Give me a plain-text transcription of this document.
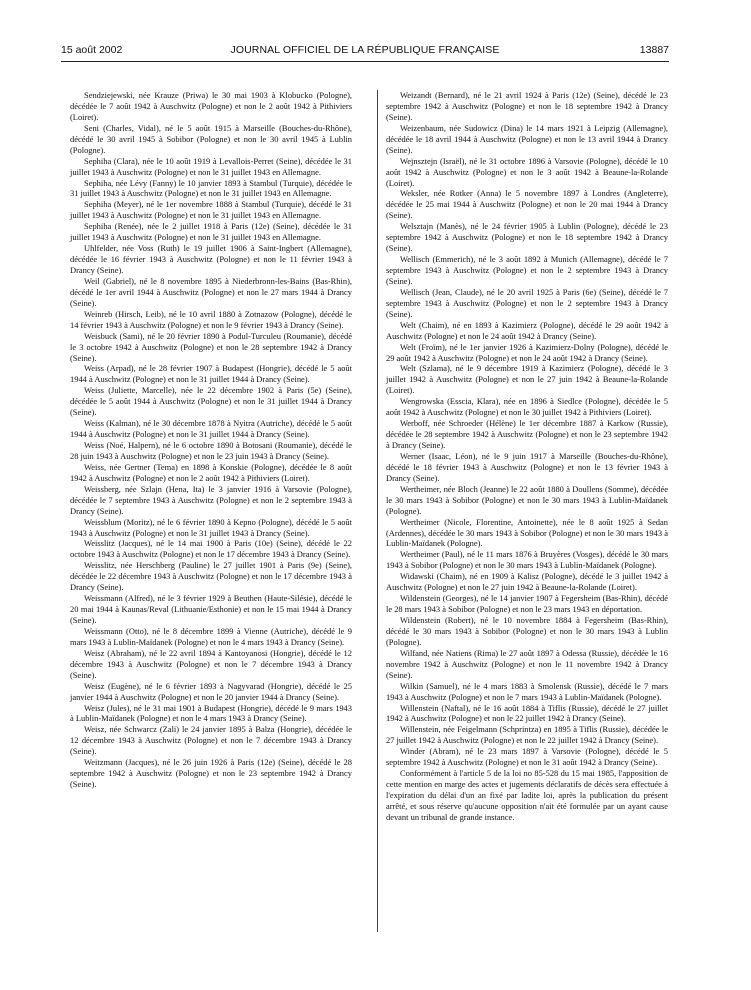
15 août 2002	JOURNAL OFFICIEL DE LA RÉPUBLIQUE FRANÇAISE	13887

Sendziejewski, née Krauze (Priwa) le 30 mai 1903 à Klobucko (Pologne), décédée le 7 août 1942 à Auschwitz (Pologne) et non le 2 août 1942 à Pithiviers (Loiret).

Seni (Charles, Vidal), né le 5 août 1915 à Marseille (Bouches-du-Rhône), décédé le 30 avril 1945 à Sobibor (Pologne) et non le 30 avril 1945 à Lublin (Pologne).

Sephiha (Clara), née le 10 août 1919 à Levallois-Perret (Seine), décédée le 31 juillet 1943 à Auschwitz (Pologne) et non le 31 juillet 1943 en Allemagne.

Sephiha, née Lévy (Fanny) le 10 janvier 1893 à Stambul (Turquie), décédée le 31 juillet 1943 à Auschwitz (Pologne) et non le 31 juillet 1943 en Allemagne.

Sephiha (Meyer), né le 1er novembre 1888 à Stambul (Turquie), décédé le 31 juillet 1943 à Auschwitz (Pologne) et non le 31 juillet 1943 en Allemagne.

Sephiha (Renée), née le 2 juillet 1918 à Paris (12e) (Seine), décédée le 31 juillet 1943 à Auschwitz (Pologne) et non le 31 juillet 1943 en Allemagne.

Uhlfelder, née Voss (Ruth) le 19 juillet 1906 à Saint-Ingbert (Allemagne), décédée le 16 février 1943 à Auschwitz (Pologne) et non le 11 février 1943 à Drancy (Seine).

Weil (Gabriel), né le 8 novembre 1895 à Niederbronn-les-Bains (Bas-Rhin), décédé le 1er avril 1944 à Auschwitz (Pologne) et non le 27 mars 1944 à Drancy (Seine).

Weinreb (Hirsch, Leib), né le 10 avril 1880 à Zotnazow (Pologne), décédé le 14 février 1943 à Auschwitz (Pologne) et non le 9 février 1943 à Drancy (Seine).

Weisbuck (Sami), né le 20 février 1890 à Podul-Turculeu (Roumanie), décédé le 3 octobre 1942 à Auschwitz (Pologne) et non le 28 septembre 1942 à Drancy (Seine).

Weiss (Arpad), né le 28 février 1907 à Budapest (Hongrie), décédé le 5 août 1944 à Auschwitz (Pologne) et non le 31 juillet 1944 à Drancy (Seine).

Weiss (Juliette, Marcelle), née le 22 décembre 1902 à Paris (5e) (Seine), décédée le 5 août 1944 à Auschwitz (Pologne) et non le 31 juillet 1944 à Drancy (Seine).

Weiss (Kalman), né le 30 décembre 1878 à Nyitra (Autriche), décédé le 5 août 1944 à Auschwitz (Pologne) et non le 31 juillet 1944 à Drancy (Seine).

Weiss (Noé, Halpern), né le 6 octobre 1890 à Botosani (Roumanie), décédé le 28 juin 1943 à Auschwitz (Pologne) et non le 23 juin 1943 à Drancy (Seine).

Weiss, née Gertner (Tema) en 1898 à Konskie (Pologne), décédée le 8 août 1942 à Auschwitz (Pologne) et non le 2 août 1942 à Pithiviers (Loiret).

Weissberg, née Szlajn (Hena, Ita) le 3 janvier 1916 à Varsovie (Pologne), décédée le 7 septembre 1943 à Auschwitz (Pologne) et non le 2 septembre 1943 à Drancy (Seine).

Weissblum (Moritz), né le 6 février 1890 à Kepno (Pologne), décédé le 5 août 1943 à Auschwitz (Pologne) et non le 31 juillet 1943 à Drancy (Seine).

Weisslitz (Jacques), né le 14 mai 1900 à Paris (10e) (Seine), décédé le 22 octobre 1943 à Auschwitz (Pologne) et non le 17 décembre 1943 à Drancy (Seine).

Weisslitz, née Herschberg (Pauline) le 27 juillet 1901 à Paris (9e) (Seine), décédée le 22 décembre 1943 à Auschwitz (Pologne) et non le 17 décembre 1943 à Drancy (Seine).

Weissmann (Alfred), né le 3 février 1929 à Beuthen (Haute-Silésie), décédé le 20 mai 1944 à Kaunas/Reval (Lithuanie/Esthonie) et non le 15 mai 1944 à Drancy (Seine).

Weissmann (Otto), né le 8 décembre 1899 à Vienne (Autriche), décédé le 9 mars 1943 à Lublin-Maïdanek (Pologne) et non le 4 mars 1943 à Drancy (Seine).

Weisz (Abraham), né le 22 avril 1894 à Kantoyanosi (Hongrie), décédé le 12 décembre 1943 à Auschwitz (Pologne) et non le 7 décembre 1943 à Drancy (Seine).

Weisz (Eugène), né le 6 février 1893 à Nagyvarad (Hongrie), décédé le 25 janvier 1944 à Auschwitz (Pologne) et non le 20 janvier 1944 à Drancy (Seine).

Weisz (Jules), né le 31 mai 1901 à Budapest (Hongrie), décédé le 9 mars 1943 à Lublin-Maïdanek (Pologne) et non le 4 mars 1943 à Drancy (Seine).

Weisz, née Schwarcz (Zali) le 24 janvier 1895 à Balza (Hongrie), décédée le 12 décembre 1943 à Auschwitz (Pologne) et non le 7 décembre 1943 à Drancy (Seine).

Weitzmann (Jacques), né le 26 juin 1926 à Paris (12e) (Seine), décédé le 28 septembre 1942 à Auschwitz (Pologne) et non le 23 septembre 1942 à Drancy (Seine).

Weizandt (Bernard), né le 21 avril 1924 à Paris (12e) (Seine), décédé le 23 septembre 1942 à Auschwitz (Pologne) et non le 18 septembre 1942 à Drancy (Seine).

Weizenbaum, née Sudowicz (Dina) le 14 mars 1921 à Leipzig (Allemagne), décédée le 18 avril 1944 à Auschwitz (Pologne) et non le 13 avril 1944 à Drancy (Seine).

Wejnsztejn (Israël), né le 31 octobre 1896 à Varsovie (Pologne), décédé le 10 août 1942 à Auschwitz (Pologne) et non le 3 août 1942 à Beaune-la-Rolande (Loiret).

Weksler, née Rotker (Anna) le 5 novembre 1897 à Londres (Angleterre), décédée le 25 mai 1944 à Auschwitz (Pologne) et non le 20 mai 1944 à Drancy (Seine).

Welsztajn (Manès), né le 24 février 1905 à Lublin (Pologne), décédé le 23 septembre 1942 à Auschwitz (Pologne) et non le 18 septembre 1942 à Drancy (Seine).

Wellisch (Emmerich), né le 3 août 1892 à Munich (Allemagne), décédé le 7 septembre 1943 à Auschwitz (Pologne) et non le 2 septembre 1943 à Drancy (Seine).

Wellisch (Jean, Claude), né le 20 avril 1925 à Paris (6e) (Seine), décédé le 7 septembre 1943 à Auschwitz (Pologne) et non le 2 septembre 1943 à Drancy (Seine).

Welt (Chaim), né en 1893 à Kazimierz (Pologne), décédé le 29 août 1942 à Auschwitz (Pologne) et non le 24 août 1942 à Drancy (Seine).

Welt (Froïm), né le 1er janvier 1926 à Kazimierz-Dolny (Pologne), décédé le 29 août 1942 à Auschwitz (Pologne) et non le 24 août 1942 à Drancy (Seine).

Welt (Szlama), né le 9 décembre 1919 à Kazimierz (Pologne), décédé le 3 juillet 1942 à Auschwitz (Pologne) et non le 27 juin 1942 à Beaune-la-Rolande (Loiret).

Wengrowska (Esscia, Klara), née en 1896 à Siedlce (Pologne), décédée le 5 août 1942 à Auschwitz (Pologne) et non le 30 juillet 1942 à Pithiviers (Loiret).

Werboff, née Schroeder (Hélène) le 1er décembre 1887 à Karkow (Russie), décédée le 28 septembre 1942 à Auschwitz (Pologne) et non le 23 septembre 1942 à Drancy (Seine).

Werner (Isaac, Léon), né le 9 juin 1917 à Marseille (Bouches-du-Rhône), décédé le 18 février 1943 à Auschwitz (Pologne) et non le 13 février 1943 à Drancy (Seine).

Wertheimer, née Bloch (Jeanne) le 22 août 1880 à Doullens (Somme), décédée le 30 mars 1943 à Sobibor (Pologne) et non le 30 mars 1943 à Lublin-Maïdanek (Pologne).

Wertheimer (Nicole, Florentine, Antoinette), née le 8 août 1925 à Sedan (Ardennes), décédée le 30 mars 1943 à Sobibor (Pologne) et non le 30 mars 1943 à Lublin-Maïdanek (Pologne).

Wertheimer (Paul), né le 11 mars 1876 à Bruyères (Vosges), décédé le 30 mars 1943 à Sobibor (Pologne) et non le 30 mars 1943 à Lublin-Maïdanek (Pologne).

Widawski (Chaim), né en 1909 à Kalisz (Pologne), décédé le 3 juillet 1942 à Auschwitz (Pologne) et non le 27 juin 1942 à Beaune-la-Rolande (Loiret).

Wildenstein (Georges), né le 14 janvier 1907 à Fegersheim (Bas-Rhin), décédé le 28 mars 1943 à Sobibor (Pologne) et non le 23 mars 1943 en déportation.

Wildenstein (Robert), né le 10 novembre 1884 à Fegersheim (Bas-Rhin), décédé le 30 mars 1943 à Sobibor (Pologne) et non le 30 mars 1943 à Lublin (Pologne).

Wilfand, née Natiens (Rima) le 27 août 1897 à Odessa (Russie), décédée le 16 novembre 1942 à Auschwitz (Pologne) et non le 11 novembre 1942 à Drancy (Seine).

Wilkin (Samuel), né le 4 mars 1883 à Smolensk (Russie), décédé le 7 mars 1943 à Auschwitz (Pologne) et non le 7 mars 1943 à Lublin-Maïdanek (Pologne).

Willenstein (Naftal), né le 16 août 1884 à Tiflis (Russie), décédé le 27 juillet 1942 à Auschwitz (Pologne) et non le 22 juillet 1942 à Drancy (Seine).

Willenstein, née Feigelmann (Schprintza) en 1895 à Tiflis (Russie), décédée le 27 juillet 1942 à Auschwitz (Pologne) et non le 22 juillet 1942 à Drancy (Seine).

Winder (Abram), né le 23 mars 1897 à Varsovie (Pologne), décédé le 5 septembre 1942 à Auschwitz (Pologne) et non le 31 août 1942 à Drancy (Seine).

Conformément à l'article 5 de la loi no 85-528 du 15 mai 1985, l'apposition de cette mention en marge des actes et jugements déclaratifs de décès sera effectuée à l'expiration du délai d'un an fixé par ladite loi, après la publication du présent arrêté, et sous réserve qu'aucune opposition n'ait été formulée par un ayant cause devant un tribunal de grande instance.
